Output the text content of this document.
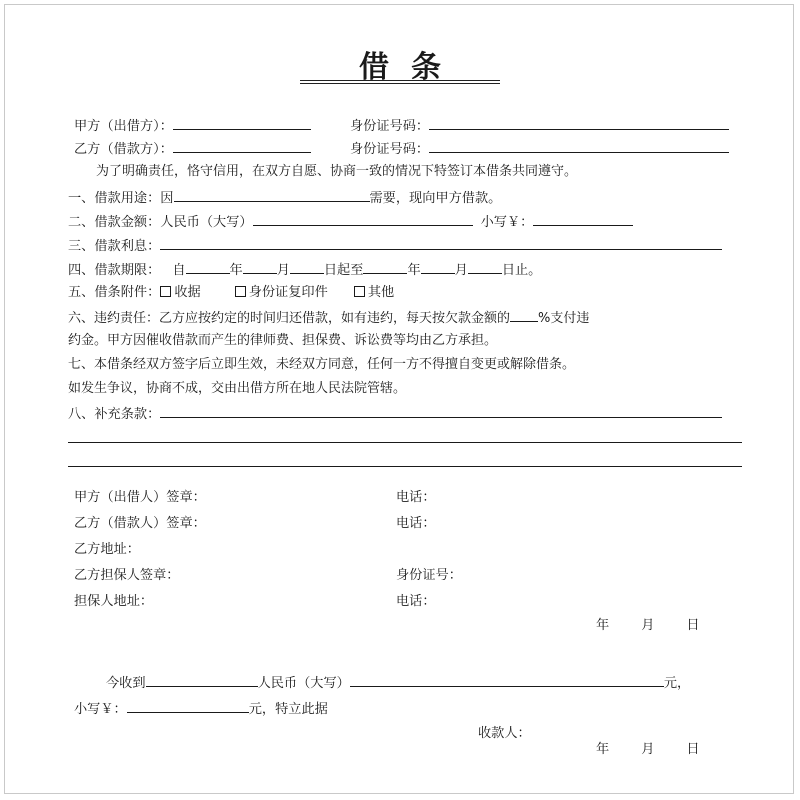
借条
甲方（出借方）：	身份证号码：
乙方（借款方）：	身份证号码：
为了明确责任，恪守信用，在双方自愿、协商一致的情况下特签订本借条共同遵守。
一、借款用途：因	需要，现向甲方借款。
二、借款金额：人民币（大写）	小写￥：
三、借款利息：
四、借款期限： 自	年	月	日起至	年	月	日止。
五、借条附件： 收据	身份证复印件	其他
六、违约责任：乙方应按约定的时间归还借款，如有违约，每天按欠款金额的 %支付违
约金。甲方因催收借款而产生的律师费、担保费、诉讼费等均由乙方承担。
七、本借条经双方签字后立即生效，未经双方同意，任何一方不得擅自变更或解除借条。
如发生争议，协商不成，交由出借方所在地人民法院管辖。
八、补充条款：
甲方（出借人）签章：	电话：
乙方（借款人）签章：	电话：
乙方地址：
乙方担保人签章：	身份证号：
担保人地址：	电话：
年 月 日
今收到	人民币（大写）	元，
小写￥：	元，特立此据
收款人：
年 月 日
